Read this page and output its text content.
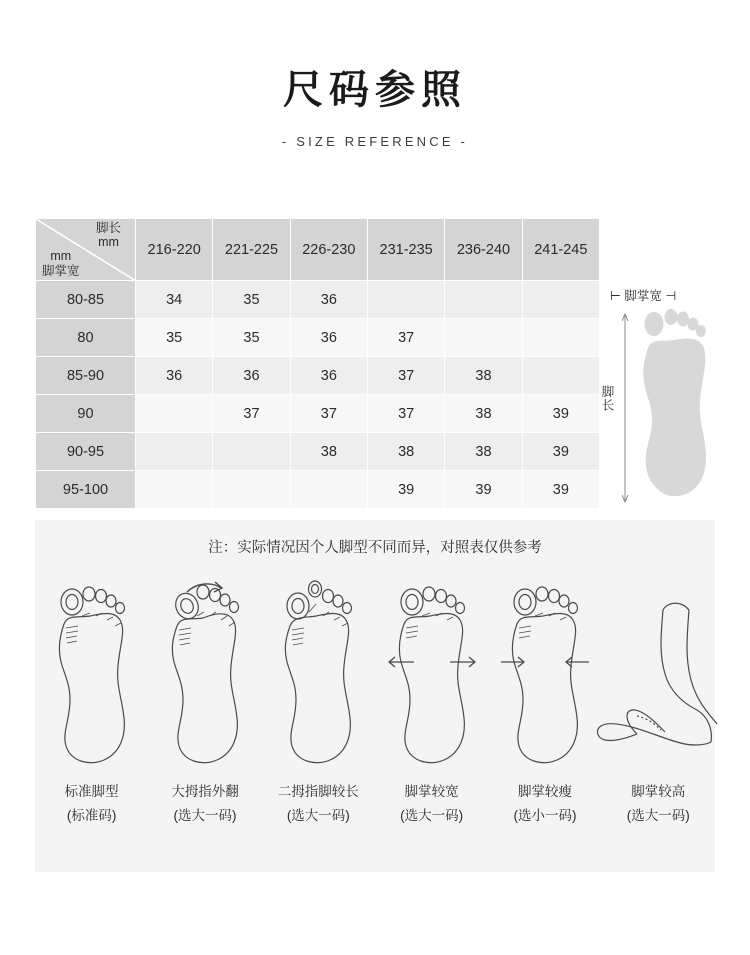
尺码参照
- SIZE REFERENCE -
脚长
mm
mm
脚掌宽	216-220	221-225	226-230	231-235	236-240	241-245
80-85	34	35	36			
80	35	35	36	37		
85-90	36	36	36	37	38	
90		37	37	37	38	39
90-95			38	38	38	39
95-100				39	39	39
⊢ 脚掌宽 ⊣
脚长
注：实际情况因个人脚型不同而异，对照表仅供参考
标准脚型
(标准码)
大拇指外翻
(选大一码)
二拇指脚较长
(选大一码)
脚掌较宽
(选大一码)
脚掌较瘦
(选小一码)
脚掌较高
(选大一码)
